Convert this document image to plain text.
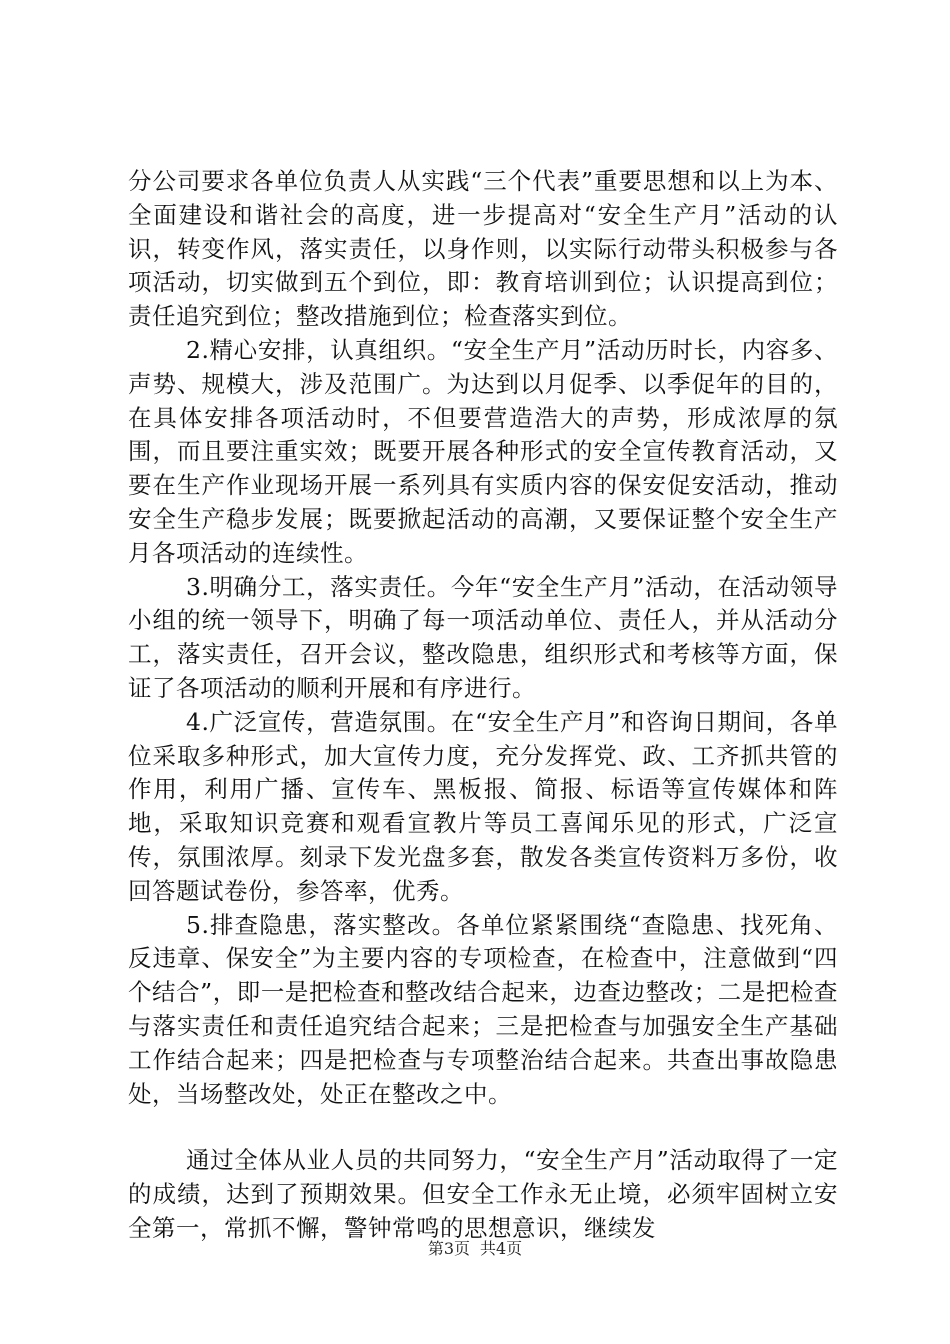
分公司要求各单位负责人从实践“三个代表”重要思想和以上为本、全面建设和谐社会的高度，进一步提高对“安全生产月”活动的认识，转变作风，落实责任，以身作则，以实际行动带头积极参与各项活动，切实做到五个到位，即：教育培训到位；认识提高到位；责任追究到位；整改措施到位；检查落实到位。

2.精心安排，认真组织。“安全生产月”活动历时长，内容多、声势、规模大，涉及范围广。为达到以月促季、以季促年的目的，在具体安排各项活动时，不但要营造浩大的声势，形成浓厚的氛围，而且要注重实效；既要开展各种形式的安全宣传教育活动，又要在生产作业现场开展一系列具有实质内容的保安促安活动，推动安全生产稳步发展；既要掀起活动的高潮，又要保证整个安全生产月各项活动的连续性。

3.明确分工，落实责任。今年“安全生产月”活动，在活动领导小组的统一领导下，明确了每一项活动单位、责任人，并从活动分工，落实责任，召开会议，整改隐患，组织形式和考核等方面，保证了各项活动的顺利开展和有序进行。

4.广泛宣传，营造氛围。在“安全生产月”和咨询日期间，各单位采取多种形式，加大宣传力度，充分发挥党、政、工齐抓共管的作用，利用广播、宣传车、黑板报、简报、标语等宣传媒体和阵地，采取知识竞赛和观看宣教片等员工喜闻乐见的形式，广泛宣传，氛围浓厚。刻录下发光盘多套，散发各类宣传资料万多份，收回答题试卷份，参答率，优秀。

5.排查隐患，落实整改。各单位紧紧围绕“查隐患、找死角、反违章、保安全”为主要内容的专项检查，在检查中，注意做到“四个结合”，即一是把检查和整改结合起来，边查边整改；二是把检查与落实责任和责任追究结合起来；三是把检查与加强安全生产基础工作结合起来；四是把检查与专项整治结合起来。共查出事故隐患处，当场整改处，处正在整改之中。

通过全体从业人员的共同努力，“安全生产月”活动取得了一定的成绩，达到了预期效果。但安全工作永无止境，必须牢固树立安全第一，常抓不懈，警钟常鸣的思想意识，继续发

第3页 共4页
